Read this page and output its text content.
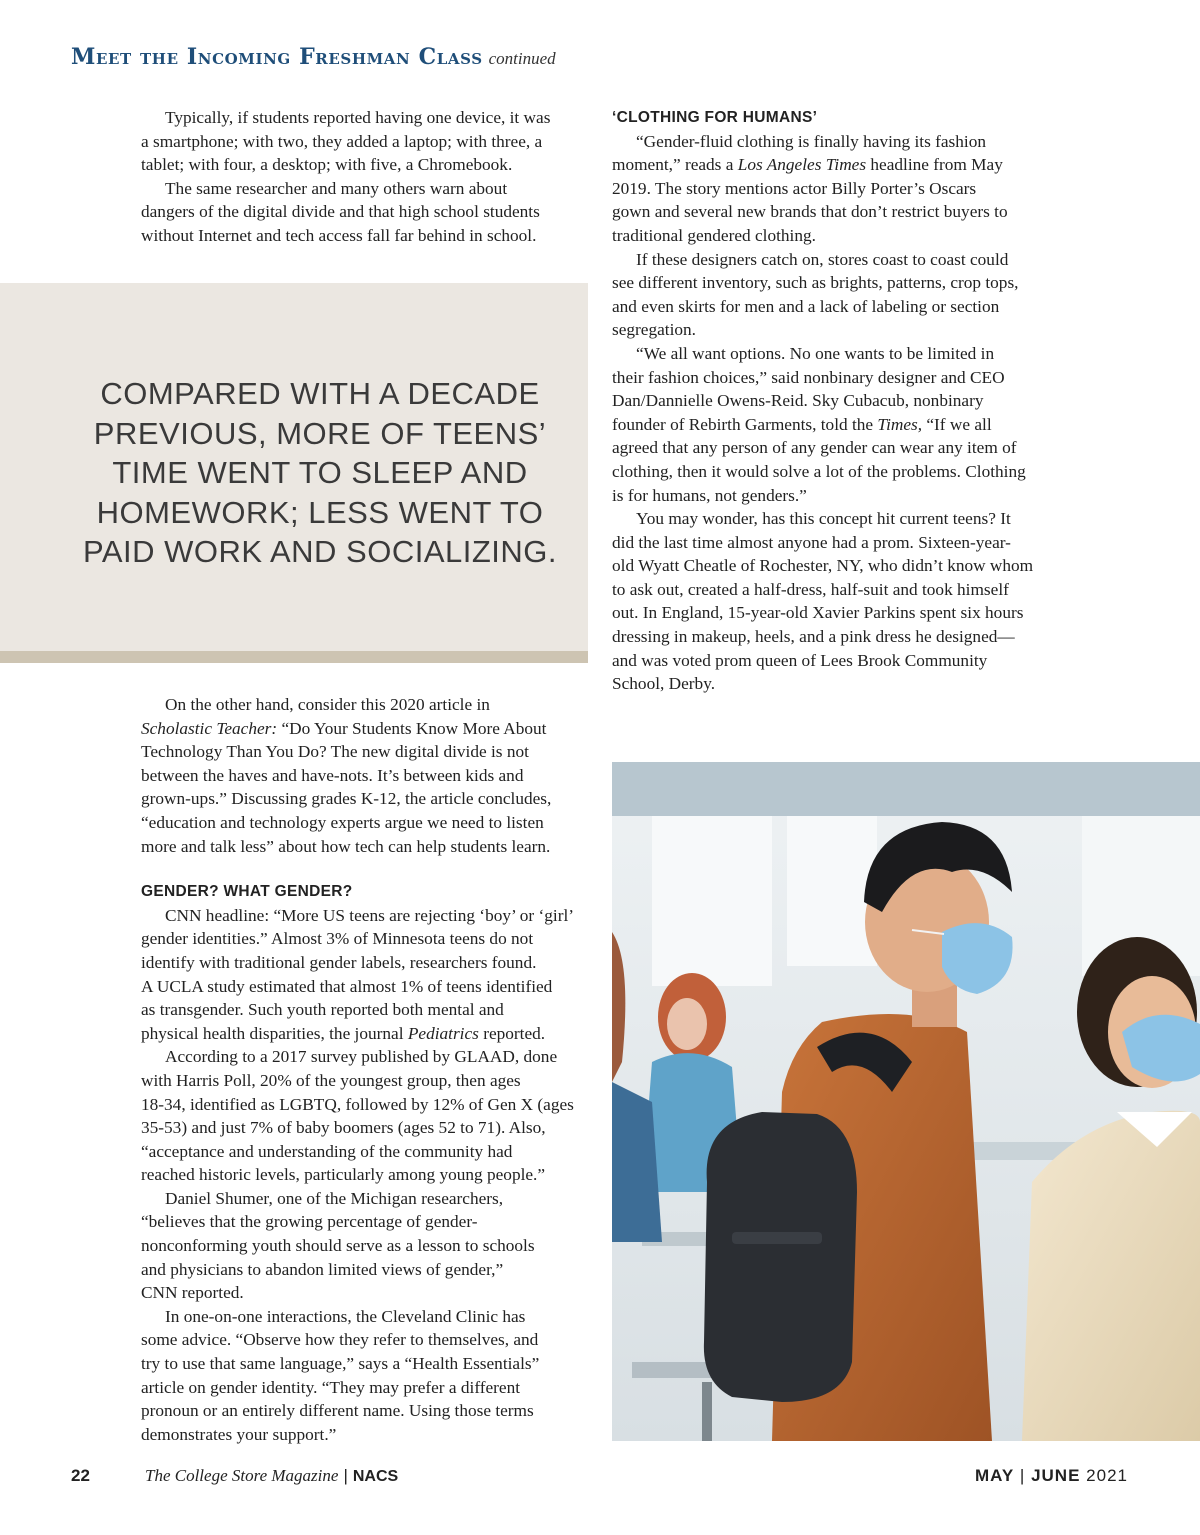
Meet the Incoming Freshman Class continued
Typically, if students reported having one device, it was
a smartphone; with two, they added a laptop; with three, a
tablet; with four, a desktop; with five, a Chromebook.
The same researcher and many others warn about
dangers of the digital divide and that high school students
without Internet and tech access fall far behind in school.
COMPARED WITH A DECADE
PREVIOUS, MORE OF TEENS’
TIME WENT TO SLEEP AND
HOMEWORK; LESS WENT TO
PAID WORK AND SOCIALIZING.
On the other hand, consider this 2020 article in
Scholastic Teacher: “Do Your Students Know More About
Technology Than You Do? The new digital divide is not
between the haves and have-nots. It’s between kids and
grown-ups.” Discussing grades K-12, the article concludes,
“education and technology experts argue we need to listen
more and talk less” about how tech can help students learn.
GENDER? WHAT GENDER?
CNN headline: “More US teens are rejecting ‘boy’ or ‘girl’
gender identities.” Almost 3% of Minnesota teens do not
identify with traditional gender labels, researchers found.
A UCLA study estimated that almost 1% of teens identified
as transgender. Such youth reported both mental and
physical health disparities, the journal Pediatrics reported.
According to a 2017 survey published by GLAAD, done
with Harris Poll, 20% of the youngest group, then ages
18-34, identified as LGBTQ, followed by 12% of Gen X (ages
35-53) and just 7% of baby boomers (ages 52 to 71). Also,
“acceptance and understanding of the community had
reached historic levels, particularly among young people.”
Daniel Shumer, one of the Michigan researchers,
“believes that the growing percentage of gender-
nonconforming youth should serve as a lesson to schools
and physicians to abandon limited views of gender,”
CNN reported.
In one-on-one interactions, the Cleveland Clinic has
some advice. “Observe how they refer to themselves, and
try to use that same language,” says a “Health Essentials”
article on gender identity. “They may prefer a different
pronoun or an entirely different name. Using those terms
demonstrates your support.”
‘CLOTHING FOR HUMANS’
“Gender-fluid clothing is finally having its fashion
moment,” reads a Los Angeles Times headline from May
2019. The story mentions actor Billy Porter’s Oscars
gown and several new brands that don’t restrict buyers to
traditional gendered clothing.
If these designers catch on, stores coast to coast could
see different inventory, such as brights, patterns, crop tops,
and even skirts for men and a lack of labeling or section
segregation.
“We all want options. No one wants to be limited in
their fashion choices,” said nonbinary designer and CEO
Dan/Dannielle Owens-Reid. Sky Cubacub, nonbinary
founder of Rebirth Garments, told the Times, “If we all
agreed that any person of any gender can wear any item of
clothing, then it would solve a lot of the problems. Clothing
is for humans, not genders.”
You may wonder, has this concept hit current teens? It
did the last time almost anyone had a prom. Sixteen-year-
old Wyatt Cheatle of Rochester, NY, who didn’t know whom
to ask out, created a half-dress, half-suit and took himself
out. In England, 15-year-old Xavier Parkins spent six hours
dressing in makeup, heels, and a pink dress he designed—
and was voted prom queen of Lees Brook Community
School, Derby.
22	The College Store Magazine | NACS	MAY | JUNE 2021
